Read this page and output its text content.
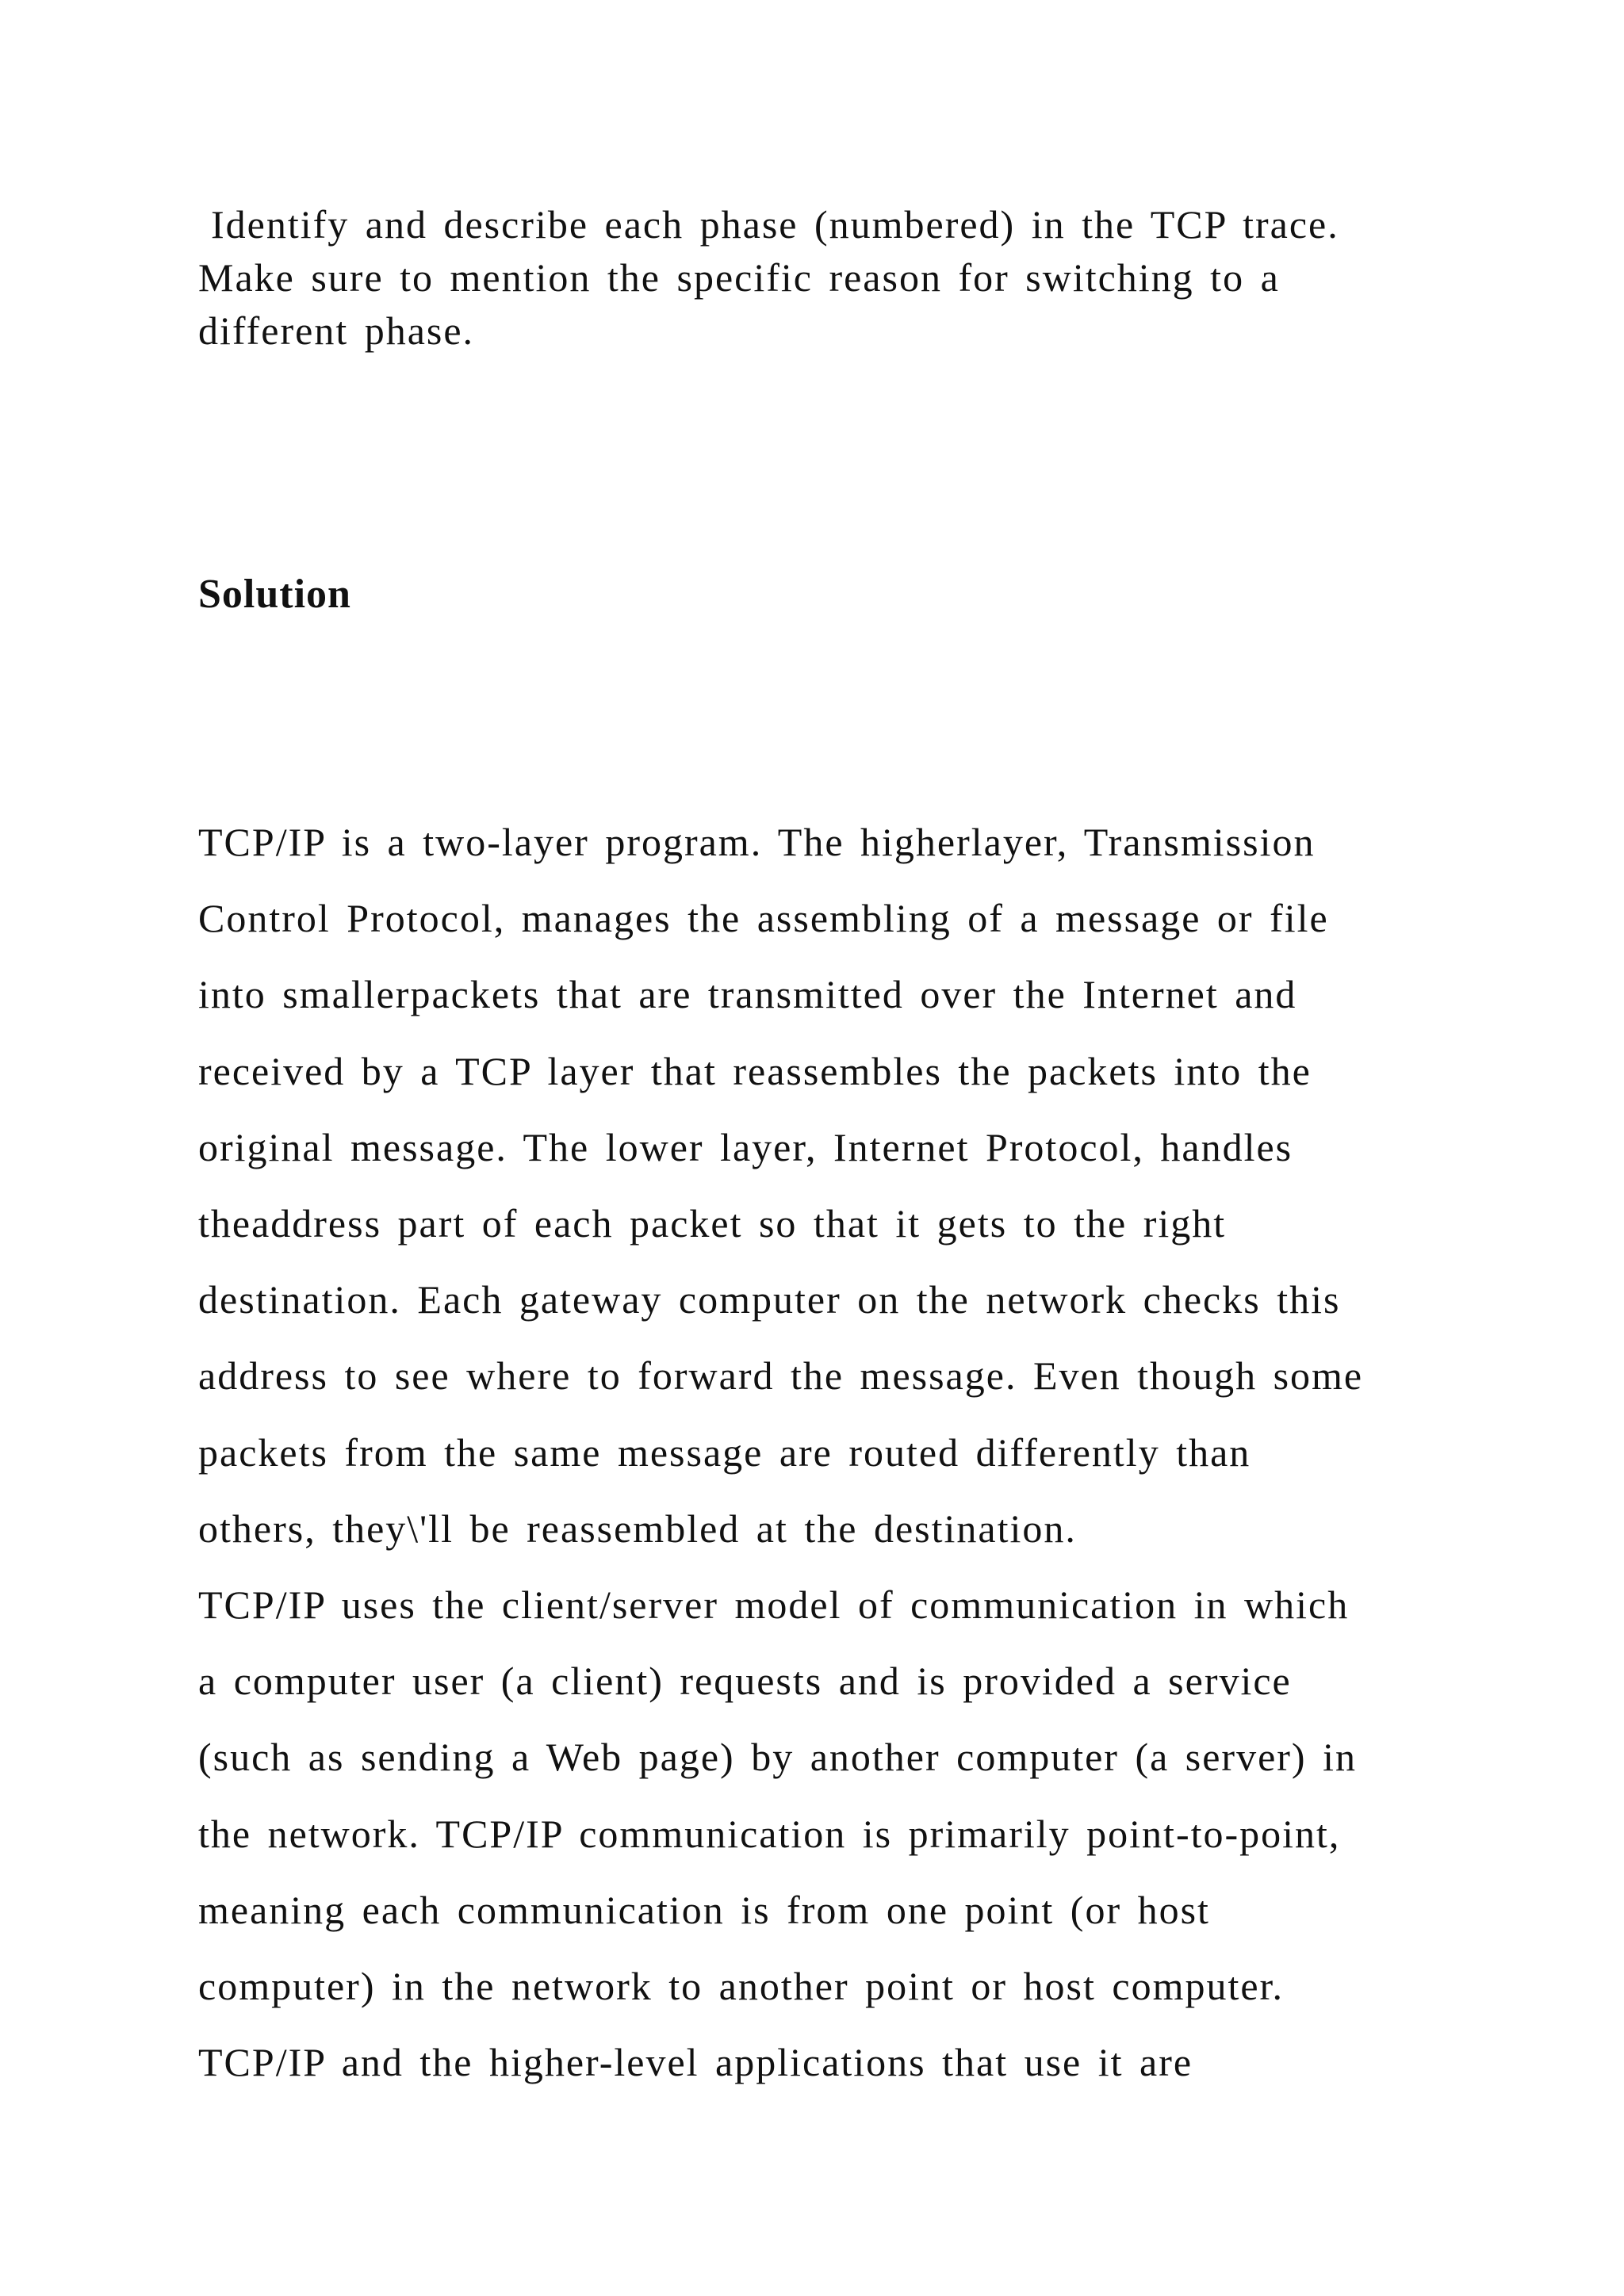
Identify and describe each phase (numbered) in the TCP trace.
Make sure to mention the specific reason for switching to a
different phase.
Solution
TCP/IP is a two-layer program. The higherlayer, Transmission
Control Protocol, manages the assembling of a message or file
into smallerpackets that are transmitted over the Internet and
received by a TCP layer that reassembles the packets into the
original message. The lower layer, Internet Protocol, handles
theaddress part of each packet so that it gets to the right
destination. Each gateway computer on the network checks this
address to see where to forward the message. Even though some
packets from the same message are routed differently than
others, they\'ll be reassembled at the destination.
TCP/IP uses the client/server model of communication in which
a computer user (a client) requests and is provided a service
(such as sending a Web page) by another computer (a server) in
the network. TCP/IP communication is primarily point-to-point,
meaning each communication is from one point (or host
computer) in the network to another point or host computer.
TCP/IP and the higher-level applications that use it are
